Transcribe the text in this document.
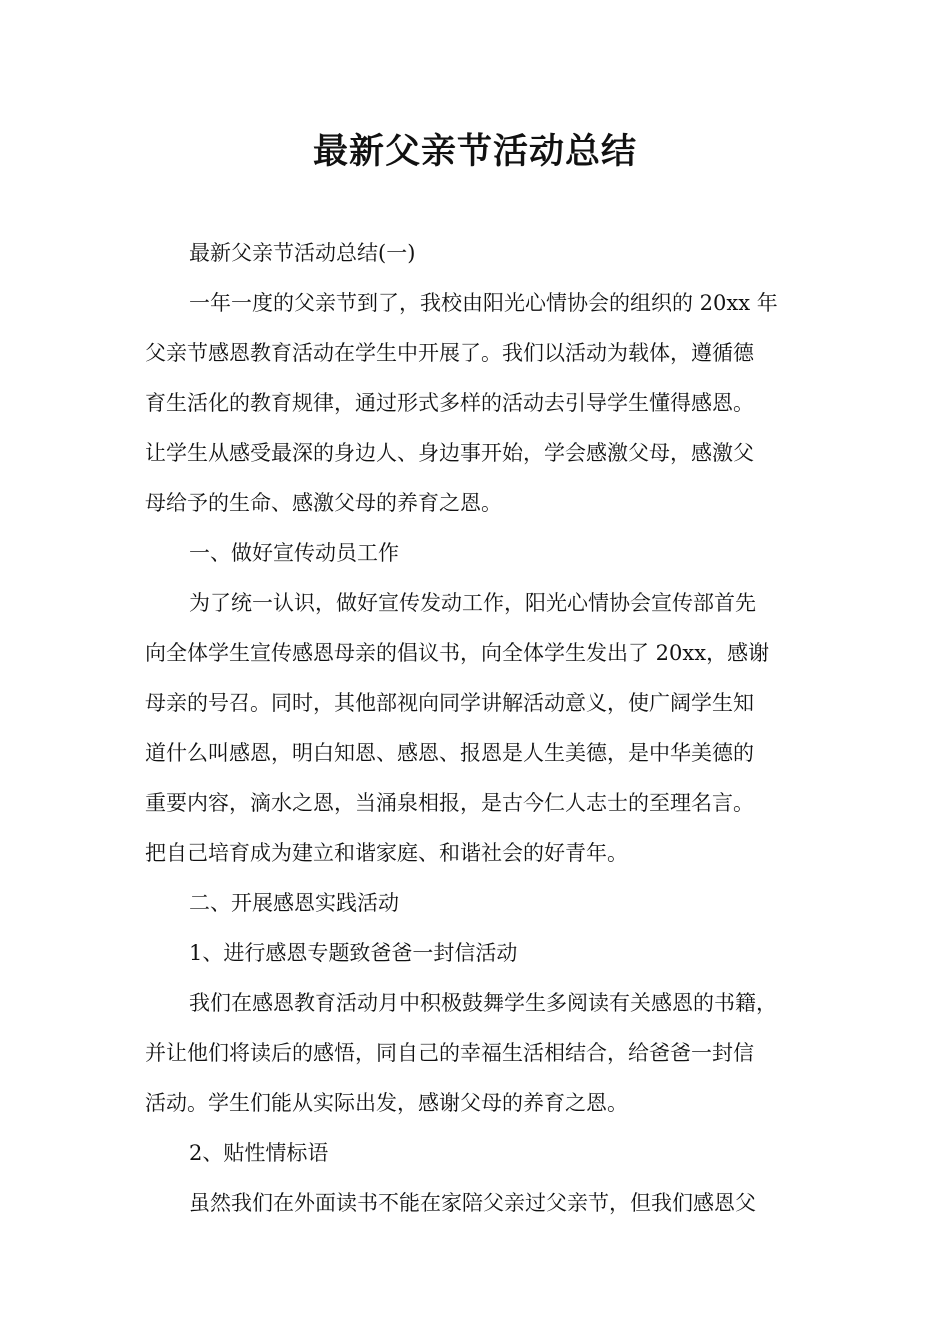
最新父亲节活动总结
最新父亲节活动总结(一)
一年一度的父亲节到了，我校由阳光心情协会的组织的 20xx 年
父亲节感恩教育活动在学生中开展了。我们以活动为载体，遵循德
育生活化的教育规律，通过形式多样的活动去引导学生懂得感恩。
让学生从感受最深的身边人、身边事开始，学会感激父母，感激父
母给予的生命、感激父母的养育之恩。
一、做好宣传动员工作
为了统一认识，做好宣传发动工作，阳光心情协会宣传部首先
向全体学生宣传感恩母亲的倡议书，向全体学生发出了 20xx，感谢
母亲的号召。同时，其他部视向同学讲解活动意义，使广阔学生知
道什么叫感恩，明白知恩、感恩、报恩是人生美德，是中华美德的
重要内容，滴水之恩，当涌泉相报，是古今仁人志士的至理名言。
把自己培育成为建立和谐家庭、和谐社会的好青年。
二、开展感恩实践活动
1、进行感恩专题致爸爸一封信活动
我们在感恩教育活动月中积极鼓舞学生多阅读有关感恩的书籍，
并让他们将读后的感悟，同自己的幸福生活相结合，给爸爸一封信
活动。学生们能从实际出发，感谢父母的养育之恩。
2、贴性情标语
虽然我们在外面读书不能在家陪父亲过父亲节，但我们感恩父
